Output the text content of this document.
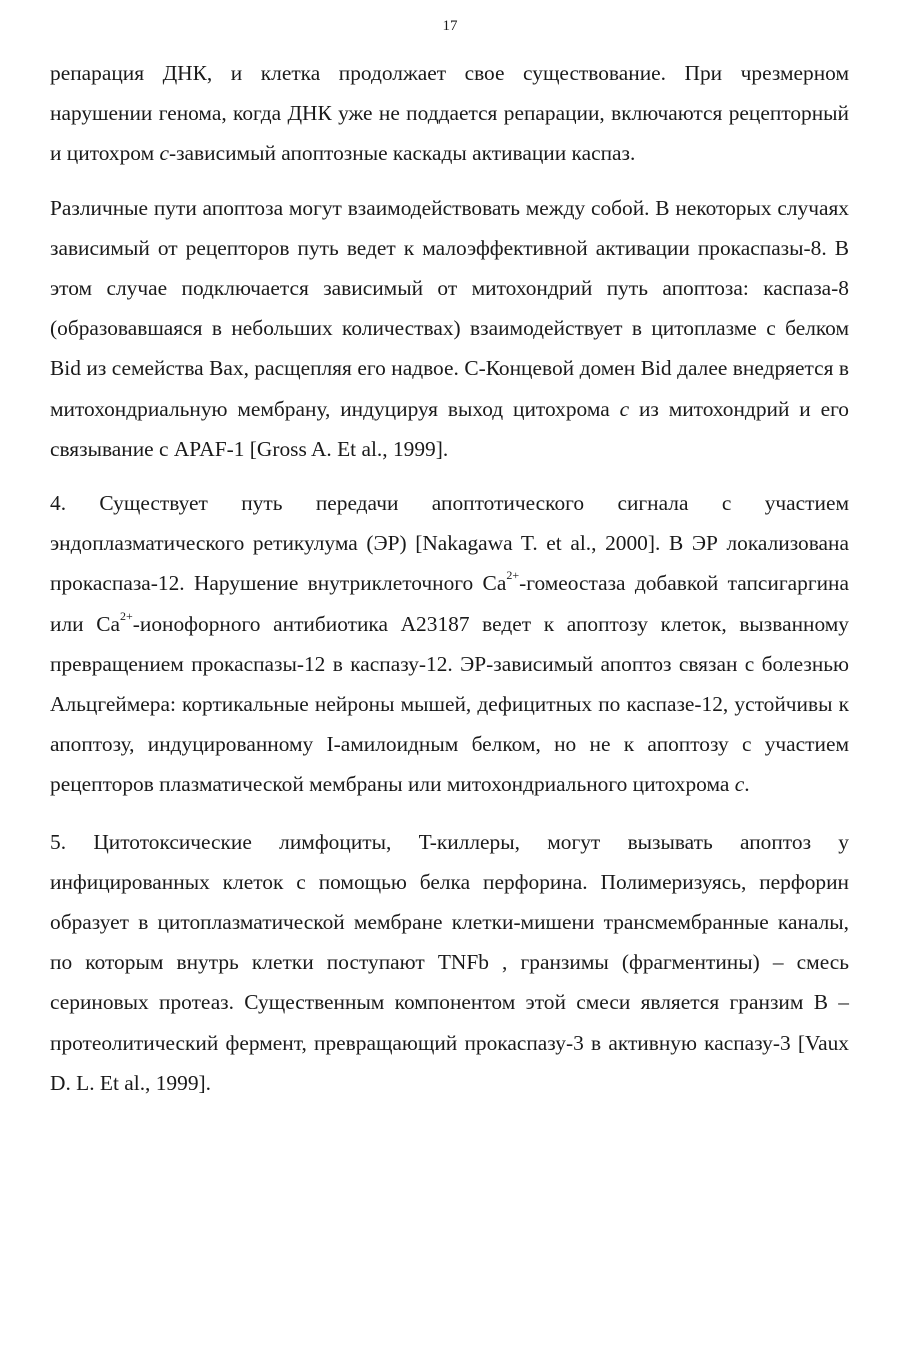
17

репарация ДНК, и клетка продолжает свое существование. При чрезмерном нарушении генома, когда ДНК уже не поддается репарации, включаются рецепторный и цитохром c-зависимый апоптозные каскады активации каспаз.

Различные пути апоптоза могут взаимодействовать между собой. В некоторых случаях зависимый от рецепторов путь ведет к малоэффективной активации прокаспазы-8. В этом случае подключается зависимый от митохондрий путь апоптоза: каспаза-8 (образовавшаяся в небольших количествах) взаимодействует в цитоплазме с белком Bid из семейства Bax, расщепляя его надвое. C-Концевой домен Bid далее внедряется в митохондриальную мембрану, индуцируя выход цитохрома c из митохондрий и его связывание с APAF-1 [Gross A. Et al., 1999].

4. Существует путь передачи апоптотического сигнала с участием эндоплазматического ретикулума (ЭР) [Nakagawa T. et al., 2000]. В ЭР локализована прокаспаза-12. Нарушение внутриклеточного $Ca^{2+}$-гомеостаза добавкой тапсигаргина или $Ca^{2+}$-ионофорного антибиотика A23187 ведет к апоптозу клеток, вызванному превращением прокаспазы-12 в каспазу-12. ЭР-зависимый апоптоз связан с болезнью Альцгеймера: кортикальные нейроны мышей, дефицитных по каспазе-12, устойчивы к апоптозу, индуцированному I-амилоидным белком, но не к апоптозу с участием рецепторов плазматической мембраны или митохондриального цитохрома c.

5. Цитотоксические лимфоциты, T-киллеры, могут вызывать апоптоз у инфицированных клеток с помощью белка перфорина. Полимеризуясь, перфорин образует в цитоплазматической мембране клетки-мишени трансмембранные каналы, по которым внутрь клетки поступают TNFb , гранзимы (фрагментины) – смесь сериновых протеаз. Существенным компонентом этой смеси является гранзим B – протеолитический фермент, превращающий прокаспазу-3 в активную каспазу-3 [Vaux D. L. Et al., 1999].
